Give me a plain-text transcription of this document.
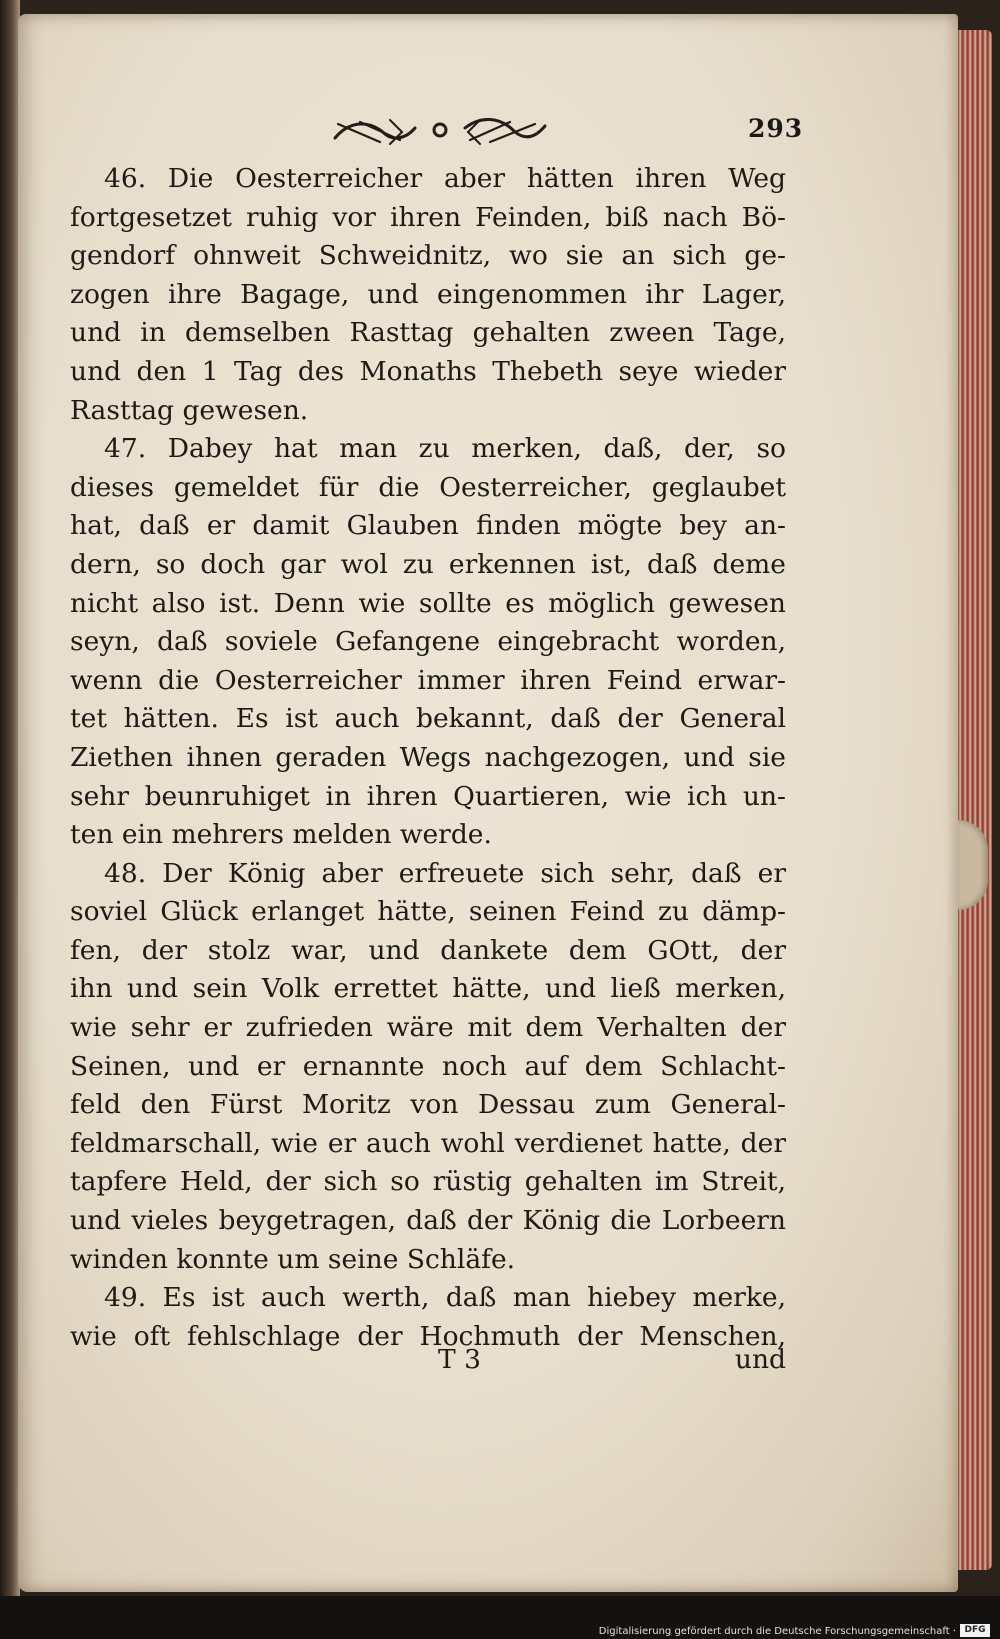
293
46. Die Oesterreicher aber hätten ihren Weg
fortgesetzet ruhig vor ihren Feinden, biß nach Bö-
gendorf ohnweit Schweidnitz, wo sie an sich ge-
zogen ihre Bagage, und eingenommen ihr Lager,
und in demselben Rasttag gehalten zween Tage,
und den 1 Tag des Monaths Thebeth seye wieder
Rasttag gewesen.
47. Dabey hat man zu merken, daß, der, so
dieses gemeldet für die Oesterreicher, geglaubet
hat, daß er damit Glauben finden mögte bey an-
dern, so doch gar wol zu erkennen ist, daß deme
nicht also ist. Denn wie sollte es möglich gewesen
seyn, daß soviele Gefangene eingebracht worden,
wenn die Oesterreicher immer ihren Feind erwar-
tet hätten. Es ist auch bekannt, daß der General
Ziethen ihnen geraden Wegs nachgezogen, und sie
sehr beunruhiget in ihren Quartieren, wie ich un-
ten ein mehrers melden werde.
48. Der König aber erfreuete sich sehr, daß er
soviel Glück erlanget hätte, seinen Feind zu dämp-
fen, der stolz war, und dankete dem GOtt, der
ihn und sein Volk errettet hätte, und ließ merken,
wie sehr er zufrieden wäre mit dem Verhalten der
Seinen, und er ernannte noch auf dem Schlacht-
feld den Fürst Moritz von Dessau zum General-
feldmarschall, wie er auch wohl verdienet hatte, der
tapfere Held, der sich so rüstig gehalten im Streit,
und vieles beygetragen, daß der König die Lorbeern
winden konnte um seine Schläfe.
49. Es ist auch werth, daß man hiebey merke,
wie oft fehlschlage der Hochmuth der Menschen,
T 3	und
Digitalisierung gefördert durch die Deutsche Forschungsgemeinschaft · DFG
